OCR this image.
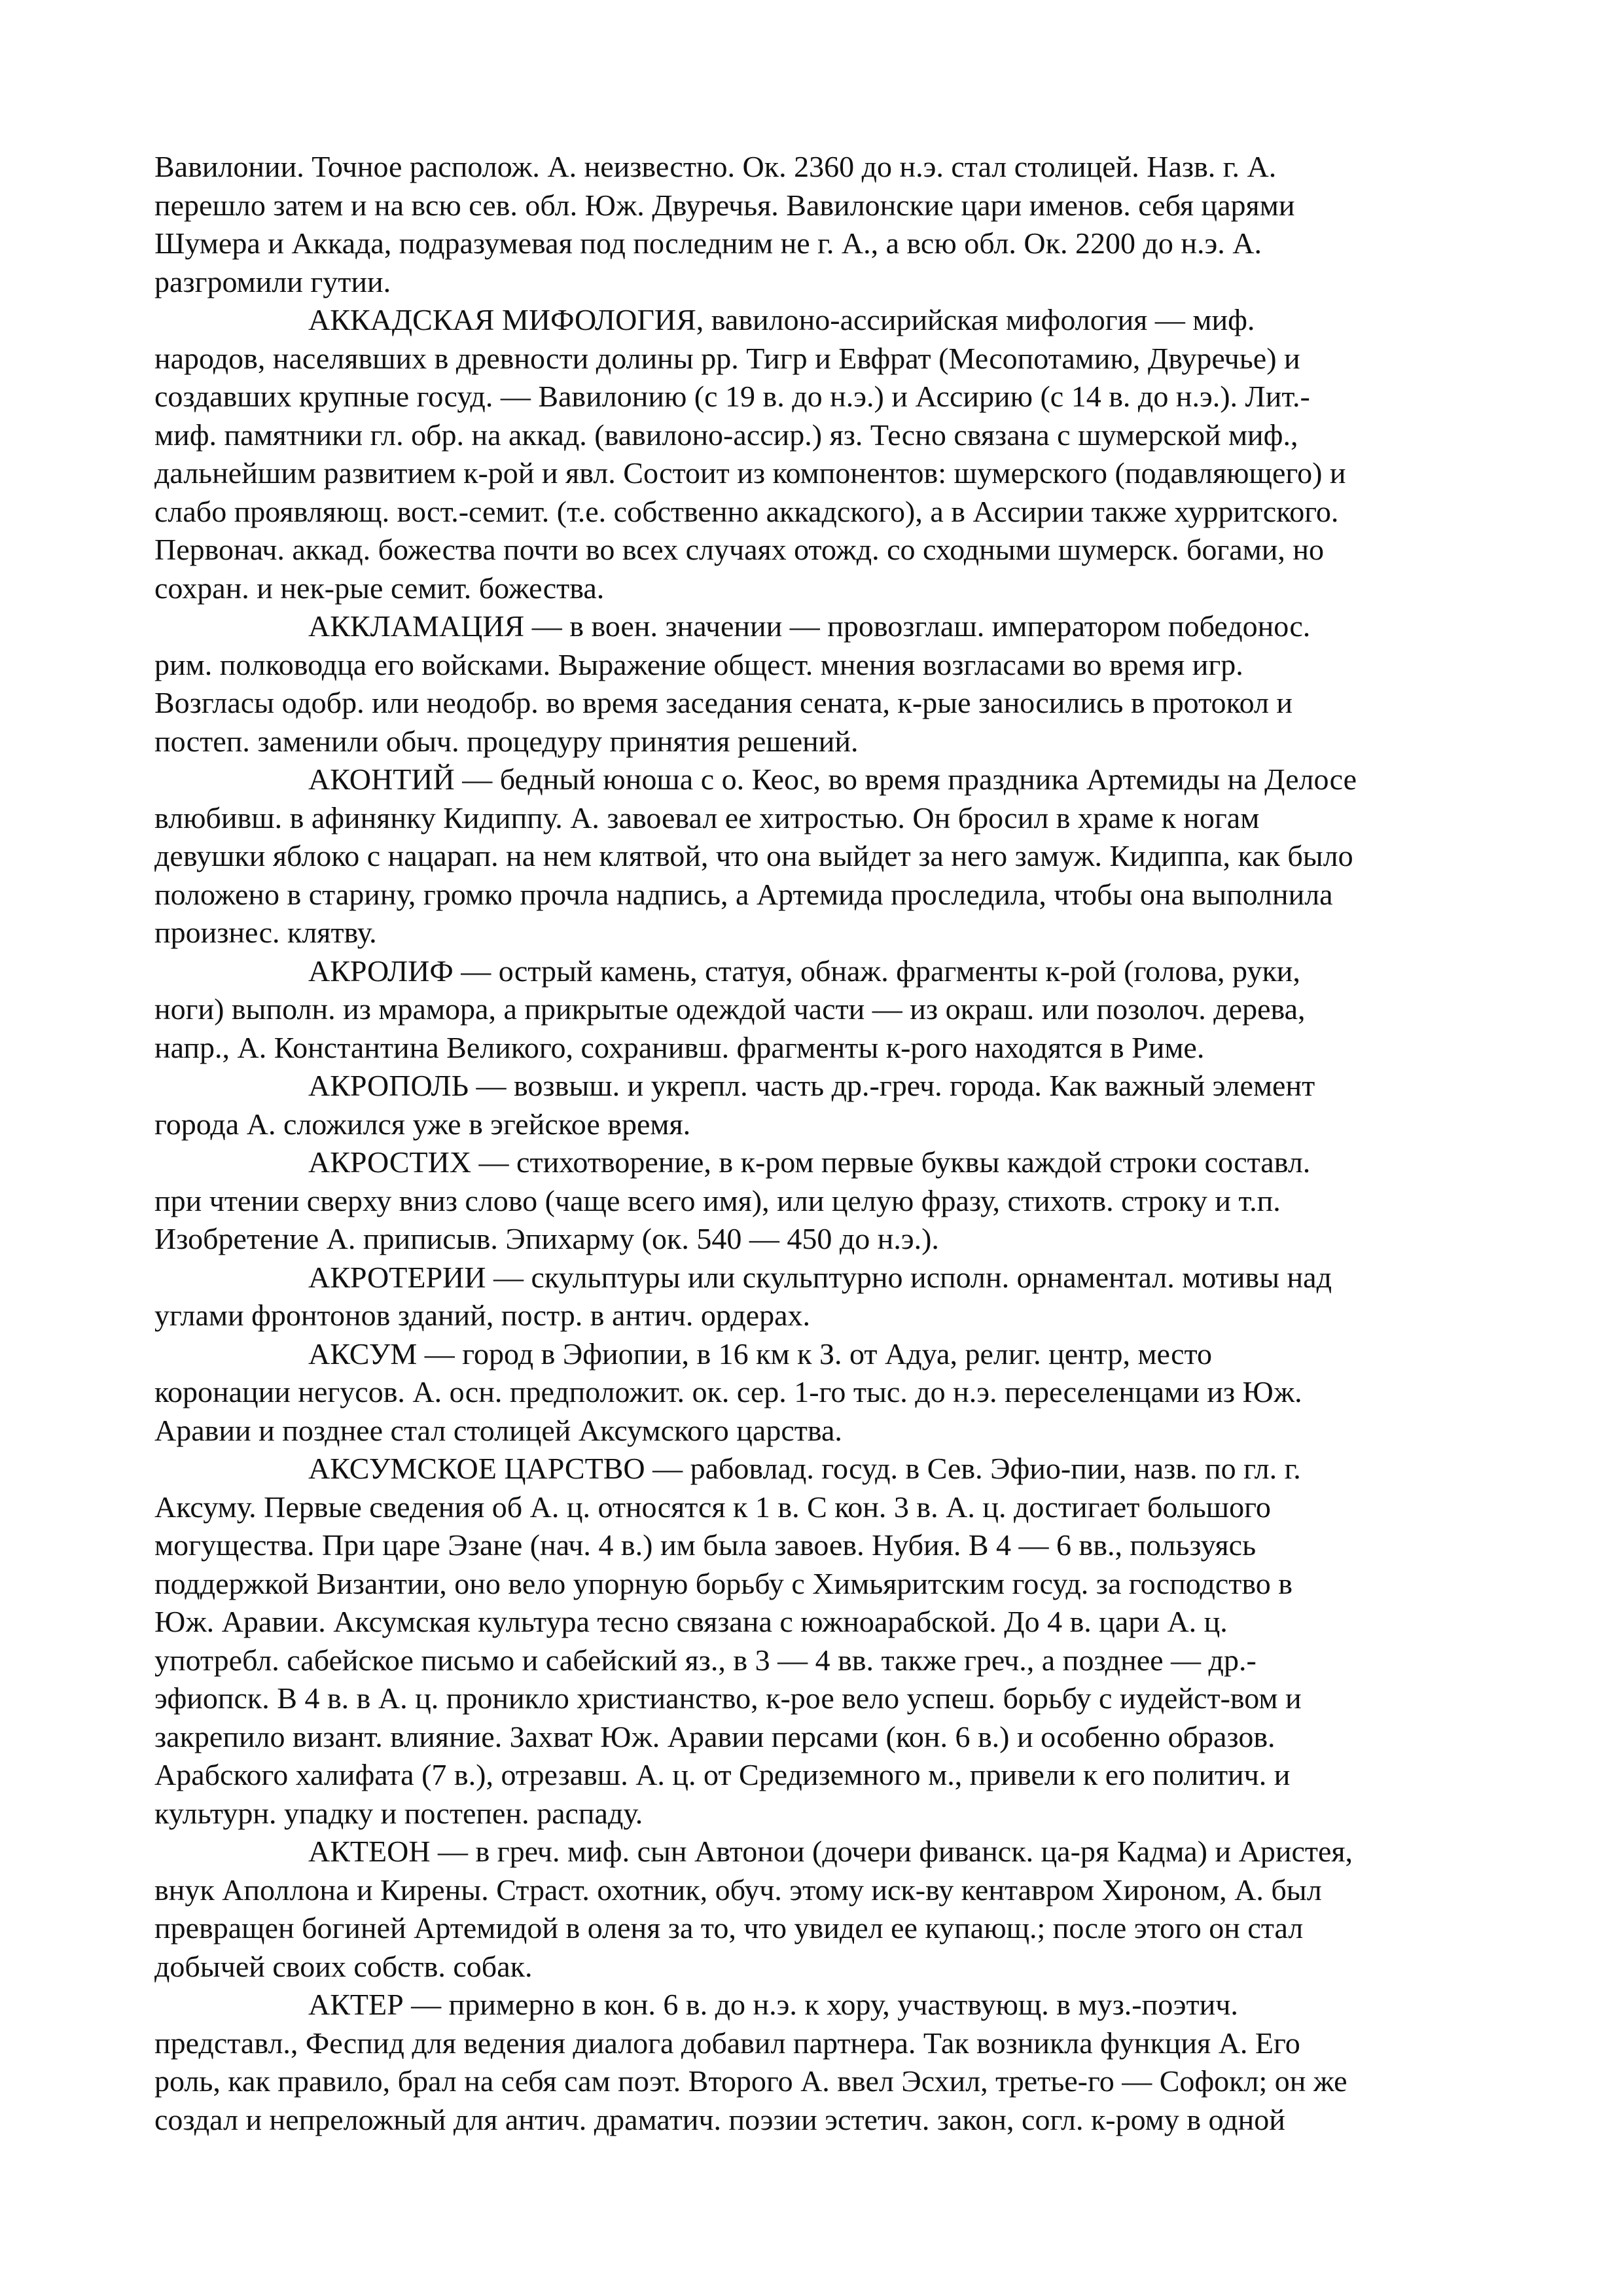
Вавилонии. Точное располож. А. неизвестно. Ок. 2360 до н.э. стал столицей. Назв. г. А.
перешло затем и на всю сев. обл. Юж. Двуречья. Вавилонские цари именов. себя царями
Шумера и Аккада, подразумевая под последним не г. А., а всю обл. Ок. 2200 до н.э. А.
разгромили гутии.

АККАДСКАЯ МИФОЛОГИЯ, вавилоно-ассирийская мифология — миф.
народов, населявших в древности долины рр. Тигр и Евфрат (Месопотамию, Двуречье) и
создавших крупные госуд. — Вавилонию (с 19 в. до н.э.) и Ассирию (с 14 в. до н.э.). Лит.-
миф. памятники гл. обр. на аккад. (вавилоно-ассир.) яз. Тесно связана с шумерской миф.,
дальнейшим развитием к-рой и явл. Состоит из компонентов: шумерского (подавляющего) и
слабо проявляющ. вост.-семит. (т.е. собственно аккадского), а в Ассирии также хурритского.
Первонач. аккад. божества почти во всех случаях отожд. со сходными шумерск. богами, но
сохран. и нек-рые семит. божества.

АККЛАМАЦИЯ — в воен. значении — провозглаш. императором победонос.
рим. полководца его войсками. Выражение общест. мнения возгласами во время игр.
Возгласы одобр. или неодобр. во время заседания сената, к-рые заносились в протокол и
постеп. заменили обыч. процедуру принятия решений.

АКОНТИЙ — бедный юноша с о. Кеос, во время праздника Артемиды на Делосе
влюбивш. в афинянку Кидиппу. А. завоевал ее хитростью. Он бросил в храме к ногам
девушки яблоко с нацарап. на нем клятвой, что она выйдет за него замуж. Кидиппа, как было
положено в старину, громко прочла надпись, а Артемида проследила, чтобы она выполнила
произнес. клятву.

АКРОЛИФ — острый камень, статуя, обнаж. фрагменты к-рой (голова, руки,
ноги) выполн. из мрамора, а прикрытые одеждой части — из окраш. или позолоч. дерева,
напр., А. Константина Великого, сохранивш. фрагменты к-рого находятся в Риме.

АКРОПОЛЬ — возвыш. и укрепл. часть др.-греч. города. Как важный элемент
города А. сложился уже в эгейское время.

АКРОСТИХ — стихотворение, в к-ром первые буквы каждой строки составл.
при чтении сверху вниз слово (чаще всего имя), или целую фразу, стихотв. строку и т.п.
Изобретение А. приписыв. Эпихарму (ок. 540 — 450 до н.э.).

АКРОТЕРИИ — скульптуры или скульптурно исполн. орнаментал. мотивы над
углами фронтонов зданий, постр. в антич. ордерах.

АКСУМ — город в Эфиопии, в 16 км к З. от Адуа, религ. центр, место
коронации негусов. А. осн. предположит. ок. сер. 1-го тыс. до н.э. переселенцами из Юж.
Аравии и позднее стал столицей Аксумского царства.

АКСУМСКОЕ ЦАРСТВО — рабовлад. госуд. в Сев. Эфио-пии, назв. по гл. г.
Аксуму. Первые сведения об А. ц. относятся к 1 в. С кон. 3 в. А. ц. достигает большого
могущества. При царе Эзане (нач. 4 в.) им была завоев. Нубия. В 4 — 6 вв., пользуясь
поддержкой Византии, оно вело упорную борьбу с Химьяритским госуд. за господство в
Юж. Аравии. Аксумская культура тесно связана с южноарабской. До 4 в. цари А. ц.
употребл. сабейское письмо и сабейский яз., в 3 — 4 вв. также греч., а позднее — др.-
эфиопск. В 4 в. в А. ц. проникло христианство, к-рое вело успеш. борьбу с иудейст-вом и
закрепило визант. влияние. Захват Юж. Аравии персами (кон. 6 в.) и особенно образов.
Арабского халифата (7 в.), отрезавш. А. ц. от Средиземного м., привели к его политич. и
культурн. упадку и постепен. распаду.

АКТЕОН — в греч. миф. сын Автонои (дочери фиванск. ца-ря Кадма) и Аристея,
внук Аполлона и Кирены. Страст. охотник, обуч. этому иск-ву кентавром Хироном, А. был
превращен богиней Артемидой в оленя за то, что увидел ее купающ.; после этого он стал
добычей своих собств. собак.

АКТЕР — примерно в кон. 6 в. до н.э. к хору, участвующ. в муз.-поэтич.
представл., Феспид для ведения диалога добавил партнера. Так возникла функция А. Его
роль, как правило, брал на себя сам поэт. Второго А. ввел Эсхил, третье-го — Софокл; он же
создал и непреложный для антич. драматич. поэзии эстетич. закон, согл. к-рому в одной
